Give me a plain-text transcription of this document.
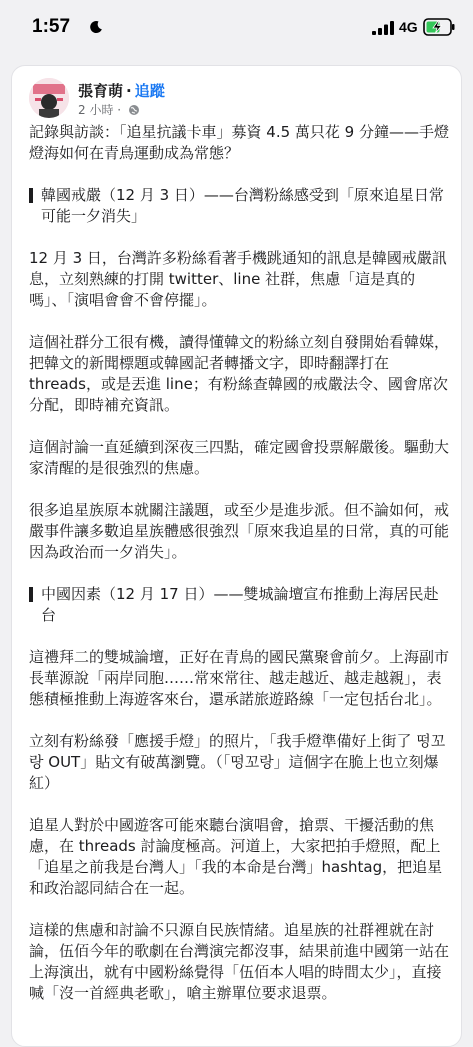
1:57	4G
張育萌 · 追蹤
2 小時 ·

記錄與訪談：「追星抗議卡車」募資 4.5 萬只花 9 分鐘——手燈燈海如何在青鳥運動成為常態？

韓國戒嚴（12 月 3 日）——台灣粉絲感受到「原來追星日常可能一夕消失」

12 月 3 日，台灣許多粉絲看著手機跳通知的訊息是韓國戒嚴訊息，立刻熟練的打開 twitter、line 社群，焦慮「這是真的嗎」、「演唱會會不會停擺」。

這個社群分工很有機，讀得懂韓文的粉絲立刻自發開始看韓媒，把韓文的新聞標題或韓國記者轉播文字，即時翻譯打在 threads，或是丟進 line；有粉絲查韓國的戒嚴法令、國會席次分配，即時補充資訊。

這個討論一直延續到深夜三四點，確定國會投票解嚴後。驅動大家清醒的是很強烈的焦慮。

很多追星族原本就關注議題，或至少是進步派。但不論如何，戒嚴事件讓多數追星族體感很強烈「原來我追星的日常，真的可能因為政治而一夕消失」。

中國因素（12 月 17 日）——雙城論壇宣布推動上海居民赴台

這禮拜二的雙城論壇，正好在青鳥的國民黨聚會前夕。上海副市長華源說「兩岸同胞……常來常往、越走越近、越走越親」，表態積極推動上海遊客來台，還承諾旅遊路線「一定包括台北」。

立刻有粉絲發「應援手燈」的照片，「我手燈準備好上街了 떵꼬랑 OUT」貼文有破萬瀏覽。（「떵꼬랑」這個字在脆上也立刻爆紅）

追星人對於中國遊客可能來聽台演唱會，搶票、干擾活動的焦慮，在 threads 討論度極高。河道上，大家把拍手燈照，配上「追星之前我是台灣人」「我的本命是台灣」hashtag，把追星和政治認同結合在一起。

這樣的焦慮和討論不只源自民族情緒。追星族的社群裡就在討論，伍佰今年的歌劇在台灣演完都沒事，結果前進中國第一站在上海演出，就有中國粉絲覺得「伍佰本人唱的時間太少」，直接喊「沒一首經典老歌」，嗆主辦單位要求退票。
